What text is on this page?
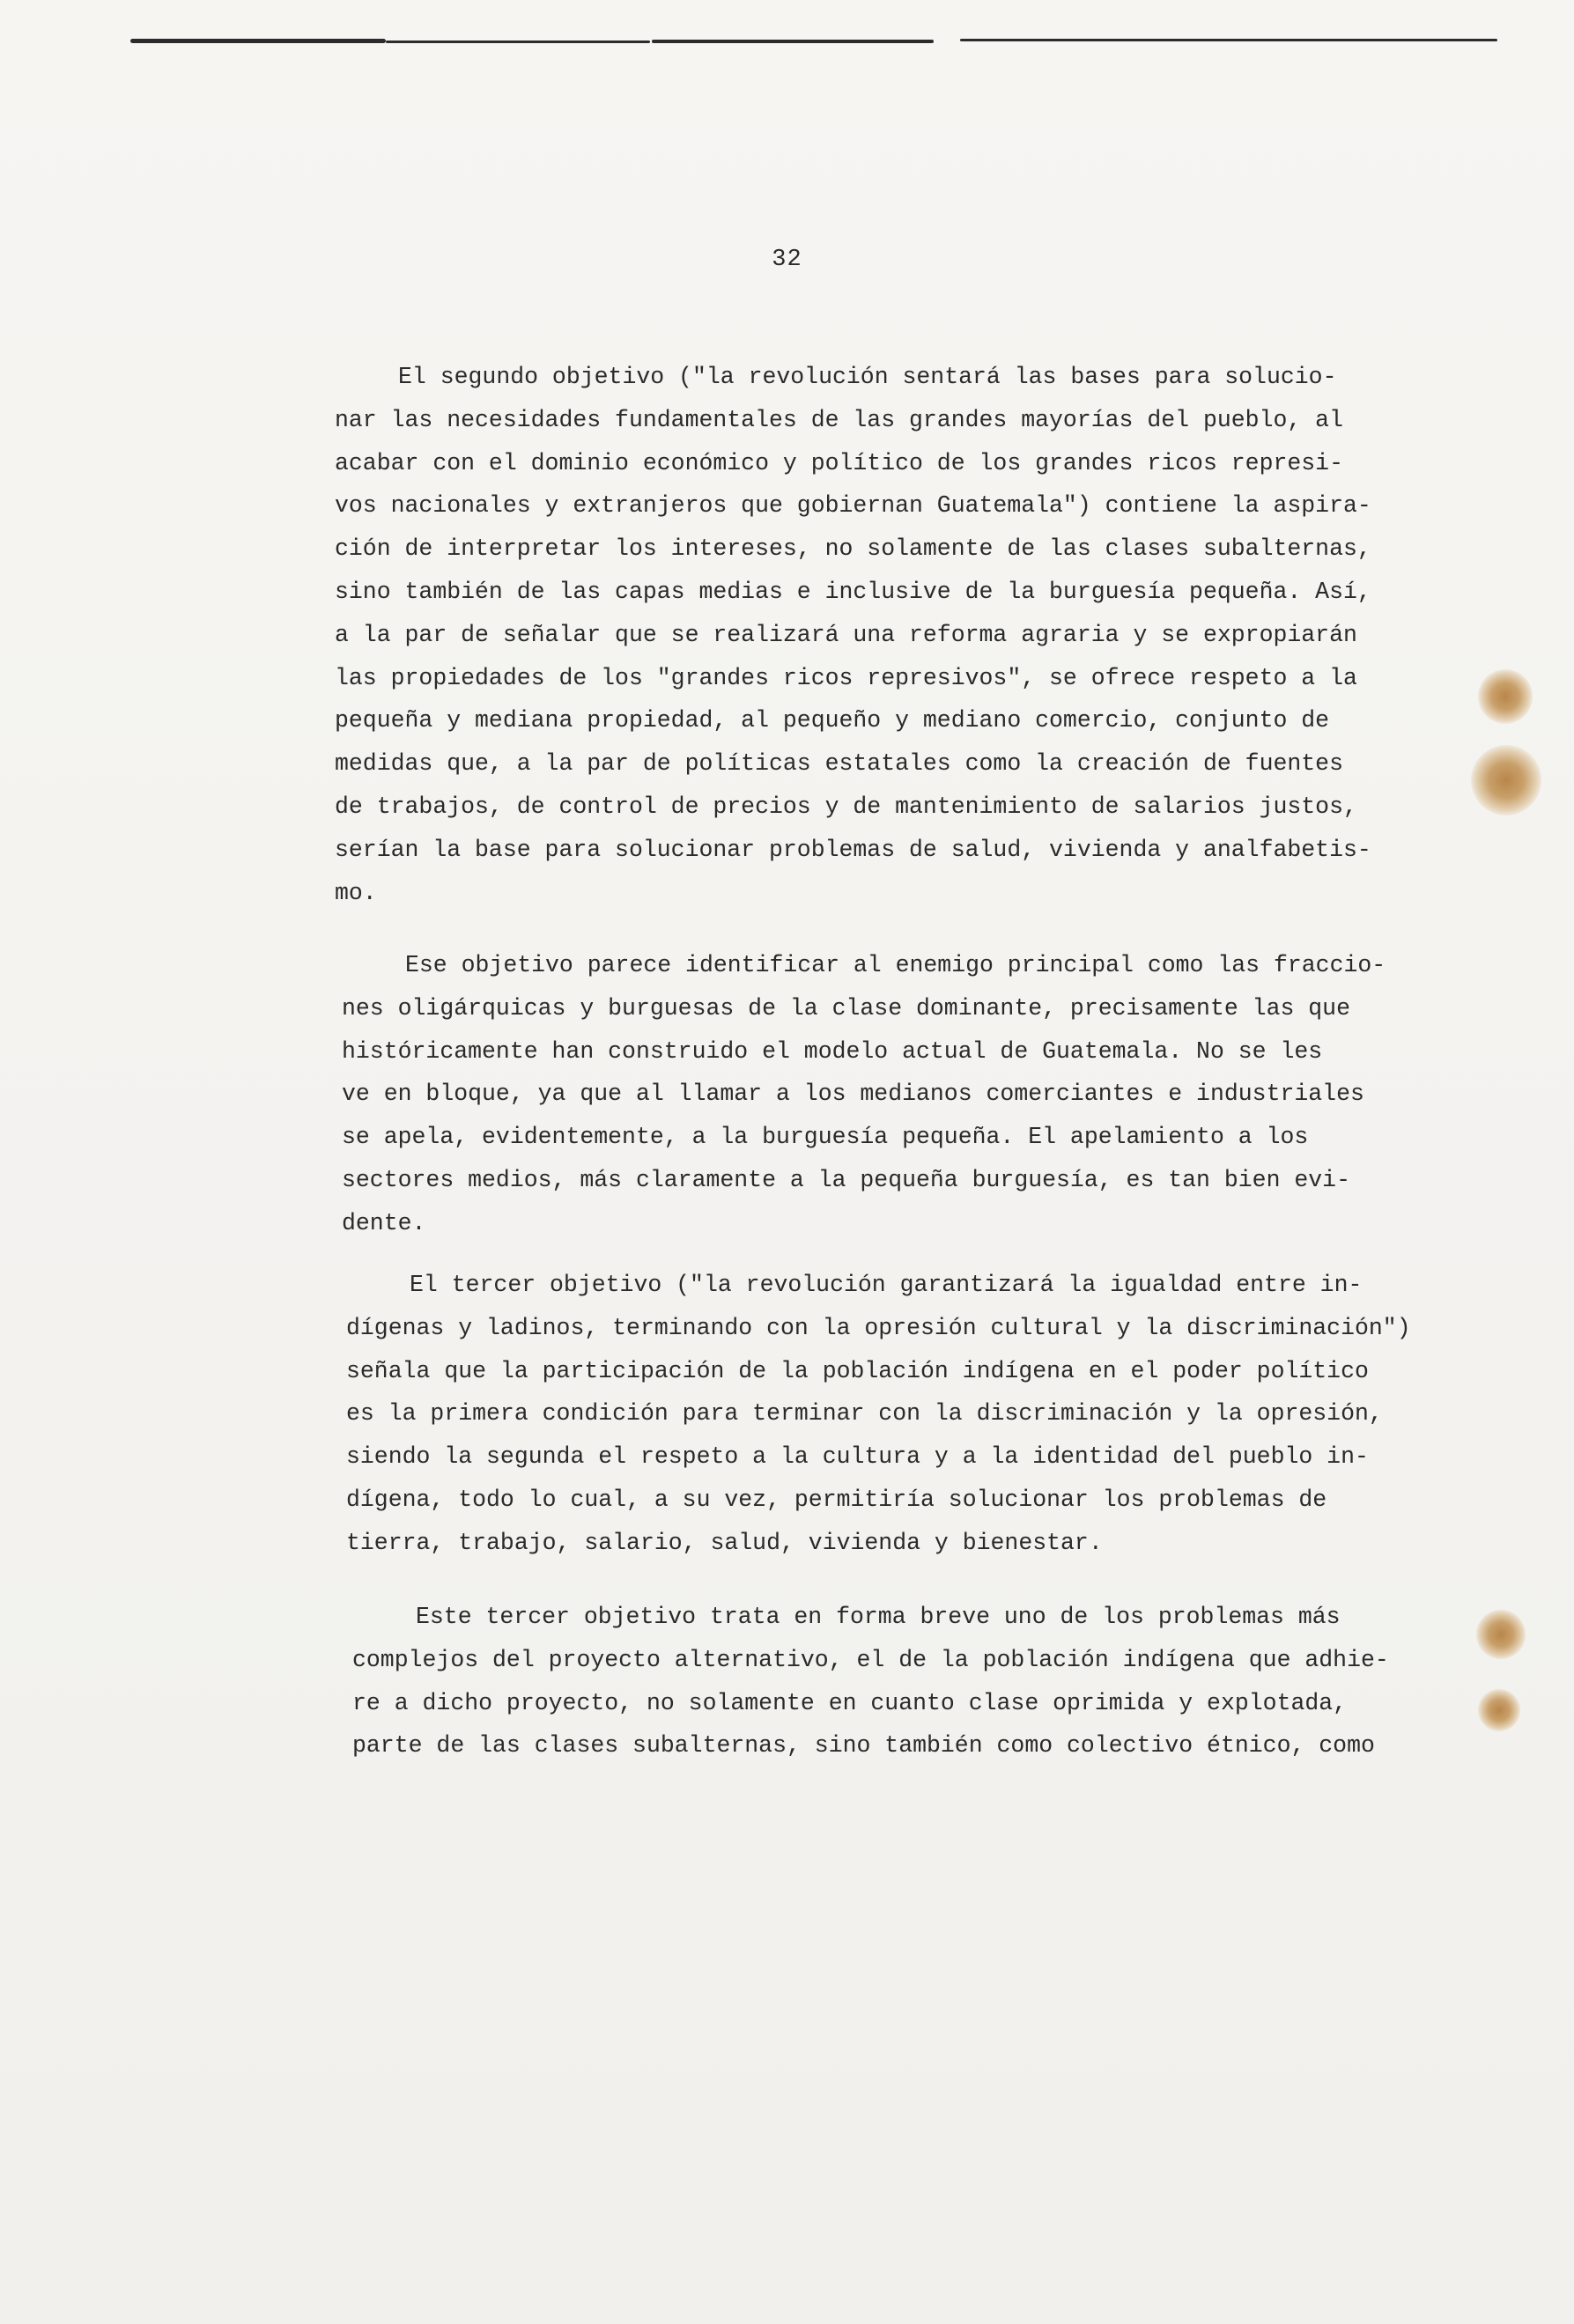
32
El segundo objetivo ("la revolución sentará las bases para solucio-
nar las necesidades fundamentales de las grandes mayorías del pueblo, al
acabar con el dominio económico y político de los grandes ricos represi-
vos nacionales y extranjeros que gobiernan Guatemala") contiene la aspira-
ción de interpretar los intereses, no solamente de las clases subalternas,
sino también de las capas medias e inclusive de la burguesía pequeña. Así,
a la par de señalar que se realizará una reforma agraria y se expropiarán
las propiedades de los "grandes ricos represivos", se ofrece respeto a la
pequeña y mediana propiedad, al pequeño y mediano comercio, conjunto de
medidas que, a la par de políticas estatales como la creación de fuentes
de trabajos, de control de precios y de mantenimiento de salarios justos,
serían la base para solucionar problemas de salud, vivienda y analfabetis-
mo.
Ese objetivo parece identificar al enemigo principal como las fraccio-
nes oligárquicas y burguesas de la clase dominante, precisamente las que
históricamente han construido el modelo actual de Guatemala. No se les
ve en bloque, ya que al llamar a los medianos comerciantes e industriales
se apela, evidentemente, a la burguesía pequeña. El apelamiento a los
sectores medios, más claramente a la pequeña burguesía, es tan bien evi-
dente.
El tercer objetivo ("la revolución garantizará la igualdad entre in-
dígenas y ladinos, terminando con la opresión cultural y la discriminación")
señala que la participación de la población indígena en el poder político
es la primera condición para terminar con la discriminación y la opresión,
siendo la segunda el respeto a la cultura y a la identidad del pueblo in-
dígena, todo lo cual, a su vez, permitiría solucionar los problemas de
tierra, trabajo, salario, salud, vivienda y bienestar.
Este tercer objetivo trata en forma breve uno de los problemas más
complejos del proyecto alternativo, el de la población indígena que adhie-
re a dicho proyecto, no solamente en cuanto clase oprimida y explotada,
parte de las clases subalternas, sino también como colectivo étnico, como
